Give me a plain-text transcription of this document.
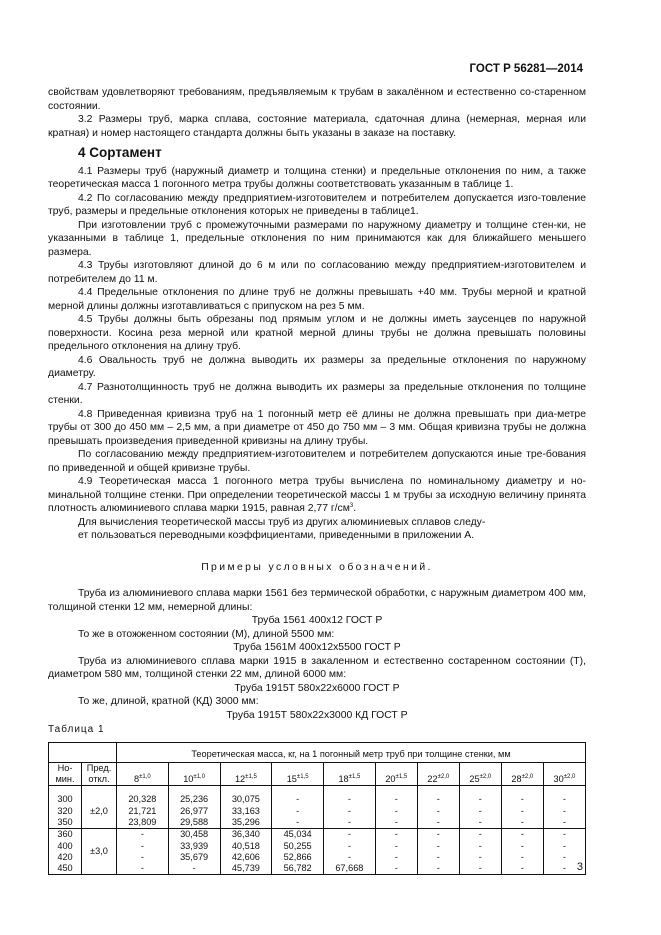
ГОСТ Р 56281—2014

свойствам удовлетворяют требованиям, предъявляемым к трубам в закалённом и естественно со-старенном состоянии.

3.2 Размеры труб, марка сплава, состояние материала, сдаточная длина (немерная, мерная или кратная) и номер настоящего стандарта должны быть указаны в заказе на поставку.

4 Сортамент

4.1 Размеры труб (наружный диаметр и толщина стенки) и предельные отклонения по ним, а также теоретическая масса 1 погонного метра трубы должны соответствовать указанным в таблице 1.

4.2 По согласованию между предприятием-изготовителем и потребителем допускается изго-товление труб, размеры и предельные отклонения которых не приведены в таблице1.

При изготовлении труб с промежуточными размерами по наружному диаметру и толщине стен-ки, не указанными в таблице 1, предельные отклонения по ним принимаются как для ближайшего меньшего размера.

4.3 Трубы изготовляют длиной до 6 м или по согласованию между предприятием-изготовителем и потребителем до 11 м.

4.4 Предельные отклонения по длине труб не должны превышать +40 мм. Трубы мерной и кратной мерной длины должны изготавливаться с припуском на рез 5 мм.

4.5 Трубы должны быть обрезаны под прямым углом и не должны иметь заусенцев по наружной поверхности. Косина реза мерной или кратной мерной длины трубы не должна превышать половины предельного отклонения на длину труб.

4.6 Овальность труб не должна выводить их размеры за предельные отклонения по наружному диаметру.

4.7 Разнотолщинность труб не должна выводить их размеры за предельные отклонения по толщине стенки.

4.8 Приведенная кривизна труб на 1 погонный метр её длины не должна превышать при диа-метре трубы от 300 до 450 мм – 2,5 мм, а при диаметре от 450 до 750 мм – 3 мм. Общая кривизна трубы не должна превышать произведения приведенной кривизны на длину трубы.

По согласованию между предприятием-изготовителем и потребителем допускаются иные тре-бования по приведенной и общей кривизне трубы.

4.9 Теоретическая масса 1 погонного метра трубы вычислена по номинальному диаметру и но-минальной толщине стенки. При определении теоретической массы 1 м трубы за исходную величину принята плотность алюминиевого сплава марки 1915, равная 2,77 $г/см^3$.

Для вычисления теоретической массы труб из других алюминиевых сплавов следу-

ет пользоваться переводными коэффициентами, приведенными в приложении А.

Примеры условных обозначений.

Труба из алюминиевого сплава марки 1561 без термической обработки, с наружным диаметром 400 мм, толщиной стенки 12 мм, немерной длины:

Труба 1561 400х12 ГОСТ Р

То же в отожженном состоянии (М), длиной 5500 мм:

Труба 1561М 400х12х5500 ГОСТ Р

Труба из алюминиевого сплава марки 1915 в закаленном и естественно состаренном состоянии (Т), диаметром 580 мм, толщиной стенки 22 мм, длиной 6000 мм:

Труба 1915Т 580х22х6000 ГОСТ Р

То же, длиной, кратной (КД) 3000 мм:

Труба 1915Т 580х22х3000 КД ГОСТ Р

Таблица 1

		Теоретическая масса, кг, на 1 погонный метр труб при толщине стенки, мм									
Но-мин.	Пред. откл.	$8^{\pm 1,0}$	$10^{\pm 1,0}$	$12^{\pm 1,5}$	$15^{\pm 1,5}$	$18^{\pm 1,5}$	$20^{\pm 1,5}$	$22^{\pm 2,0}$	$25^{\pm 2,0}$	$28^{\pm 2,0}$	$30^{\pm 2,0}$

300		20,328	25,236	30,075	-	-	-	-	-	-	-
320	±2,0	21,721	26,977	33,163	-	-	-	-	-	-	-
350		23,809	29,588	35,296	-	-	-	-	-	-	-
360		-	30,458	36,340	45,034	-	-	-	-	-	-
400	±3,0	-	33,939	40,518	50,255	-	-	-	-	-	-
420		-	35,679	42,606	52,866	-	-	-	-	-	-
450		-	-	45,739	56,782	67,668	-	-	-	-	- 3
